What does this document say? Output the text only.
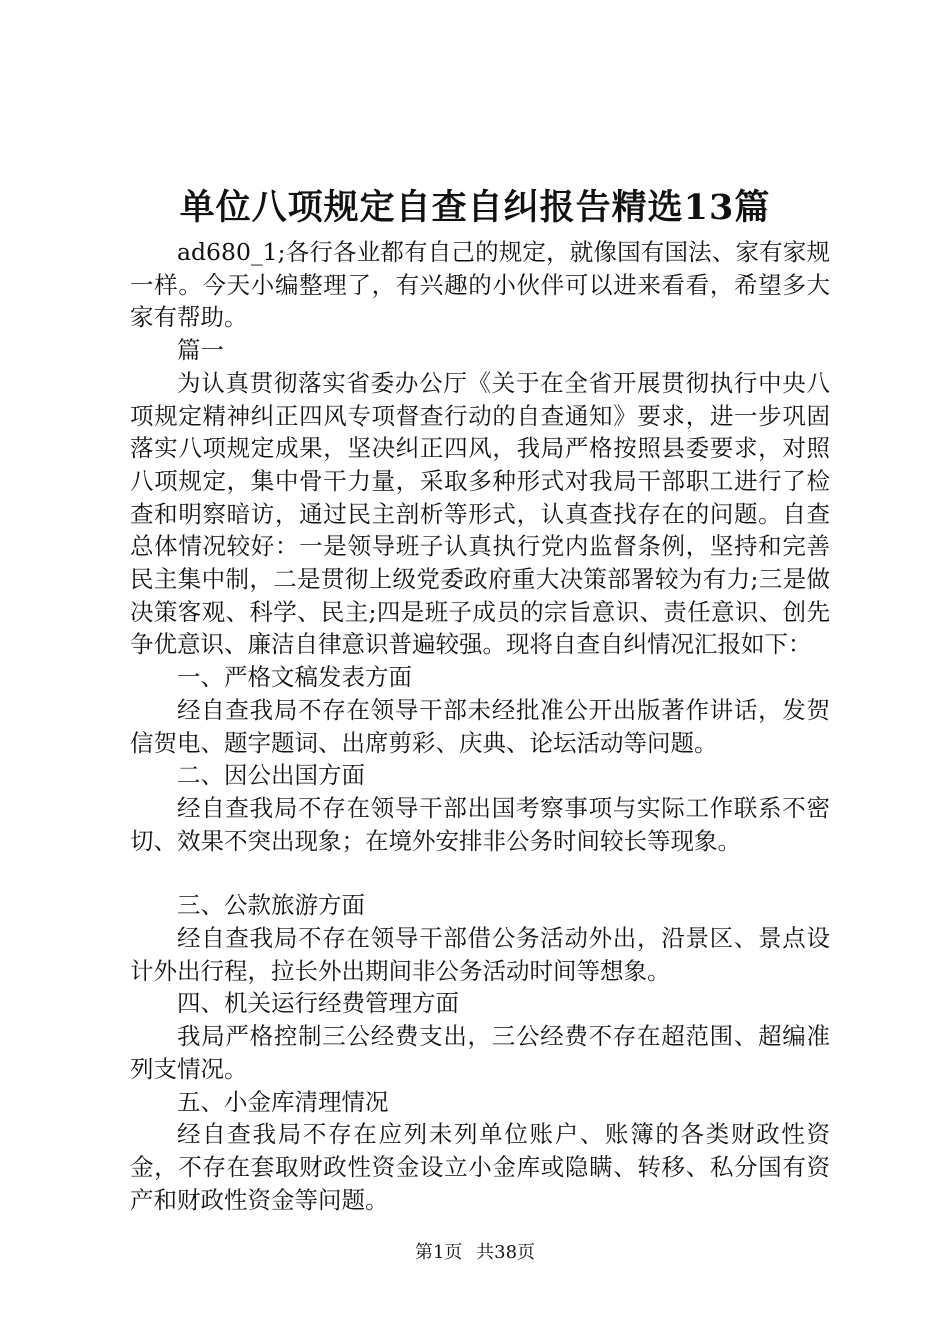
单位八项规定自查自纠报告精选13篇

ad680_1;各行各业都有自己的规定，就像国有国法、家有家规一样。今天小编整理了，有兴趣的小伙伴可以进来看看，希望多大家有帮助。

篇一

为认真贯彻落实省委办公厅《关于在全省开展贯彻执行中央八项规定精神纠正四风专项督查行动的自查通知》要求，进一步巩固落实八项规定成果，坚决纠正四风，我局严格按照县委要求，对照八项规定，集中骨干力量，采取多种形式对我局干部职工进行了检查和明察暗访，通过民主剖析等形式，认真查找存在的问题。自查总体情况较好：一是领导班子认真执行党内监督条例，坚持和完善民主集中制，二是贯彻上级党委政府重大决策部署较为有力;三是做决策客观、科学、民主;四是班子成员的宗旨意识、责任意识、创先争优意识、廉洁自律意识普遍较强。现将自查自纠情况汇报如下：

一、严格文稿发表方面

经自查我局不存在领导干部未经批准公开出版著作讲话，发贺信贺电、题字题词、出席剪彩、庆典、论坛活动等问题。

二、因公出国方面

经自查我局不存在领导干部出国考察事项与实际工作联系不密切、效果不突出现象；在境外安排非公务时间较长等现象。

三、公款旅游方面

经自查我局不存在领导干部借公务活动外出，沿景区、景点设计外出行程，拉长外出期间非公务活动时间等想象。

四、机关运行经费管理方面

我局严格控制三公经费支出，三公经费不存在超范围、超编准列支情况。

五、小金库清理情况

经自查我局不存在应列未列单位账户、账簿的各类财政性资金，不存在套取财政性资金设立小金库或隐瞒、转移、私分国有资产和财政性资金等问题。

第1页 共38页
